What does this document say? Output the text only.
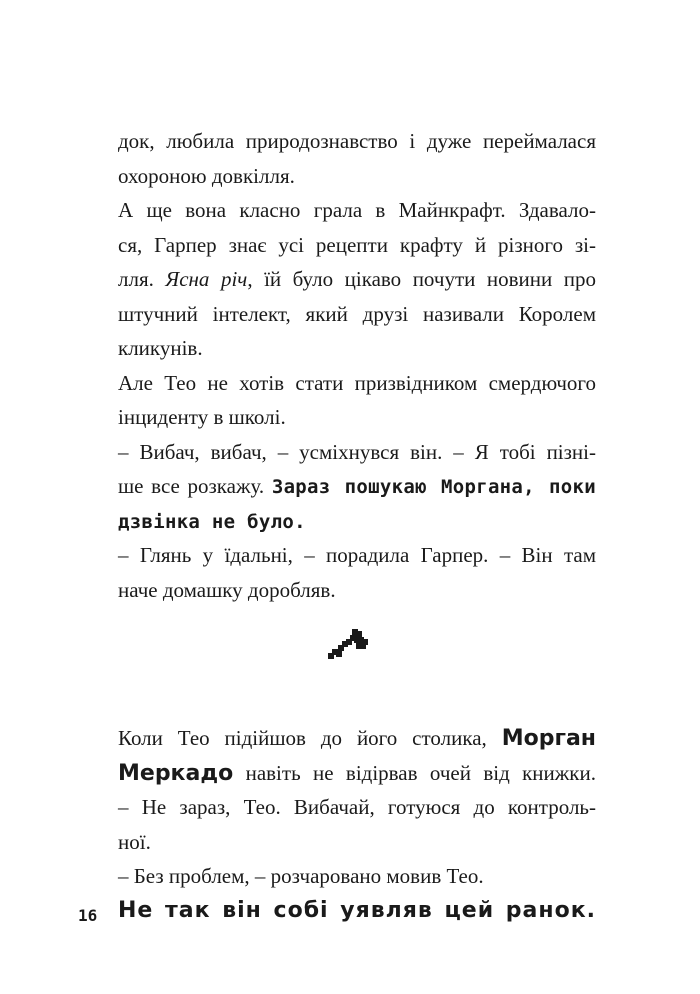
док, любила природознавство і дуже переймалася
охороною довкілля.
А ще вона класно грала в Майнкрафт. Здавало-
ся, Гарпер знає усі рецепти крафту й різного зі-
лля. Ясна річ, їй було цікаво почути новини про
штучний інтелект, який друзі називали Королем
кликунів.
Але Тео не хотів стати призвідником смердючого
інциденту в школі.
– Вибач, вибач, – усміхнувся він. – Я тобі пізні-
ше все розкажу. Зараз пошукаю Моргана, поки
дзвінка не було.
– Глянь у їдальні, – порадила Гарпер. – Він там
наче домашку доробляв.
Коли Тео підійшов до його столика, Морган
Меркадо навіть не відірвав очей від книжки.
– Не зараз, Тео. Вибачай, готуюся до контроль-
ної.
– Без проблем, – розчаровано мовив Тео.
Не так він собі уявляв цей ранок.
16
